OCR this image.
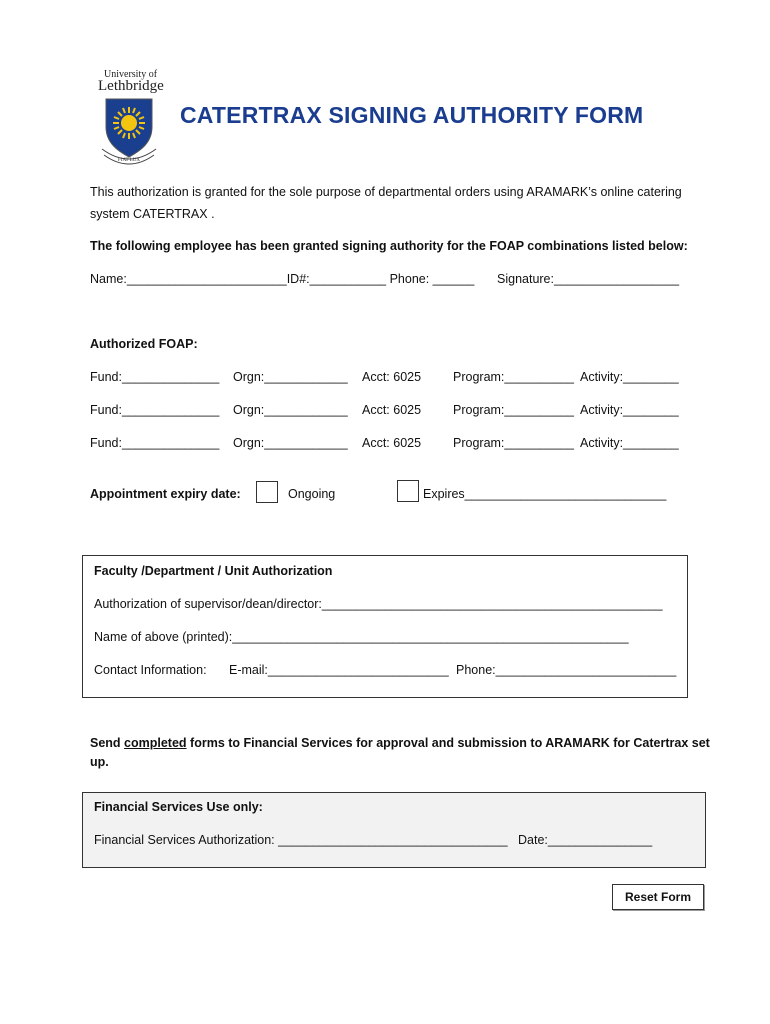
University of
Lethbridge
FIAT LUX
CATERTRAX SIGNING AUTHORITY FORM
This authorization is granted for the sole purpose of departmental orders using ARAMARK’s online catering
system CATERTRAX .
The following employee has been granted signing authority for the FOAP combinations listed below:
Name:_______________________ID#:___________ Phone: ______ Signature:__________________
Authorized FOAP:
Fund:______________ Orgn:____________ Acct: 6025	Program:__________ Activity:________
Fund:______________ Orgn:____________ Acct: 6025	Program:__________ Activity:________
Fund:______________ Orgn:____________ Acct: 6025	Program:__________ Activity:________
Appointment expiry date:	Ongoing	Expires_____________________________
Faculty /Department / Unit Authorization
Authorization of supervisor/dean/director:_________________________________________________
Name of above (printed):_________________________________________________________
Contact Information: E-mail:__________________________ Phone:__________________________
Send completed forms to Financial Services for approval and submission to ARAMARK for Catertrax set
up.
Financial Services Use only:
Financial Services Authorization: _________________________________ Date:_______________
Reset Form
